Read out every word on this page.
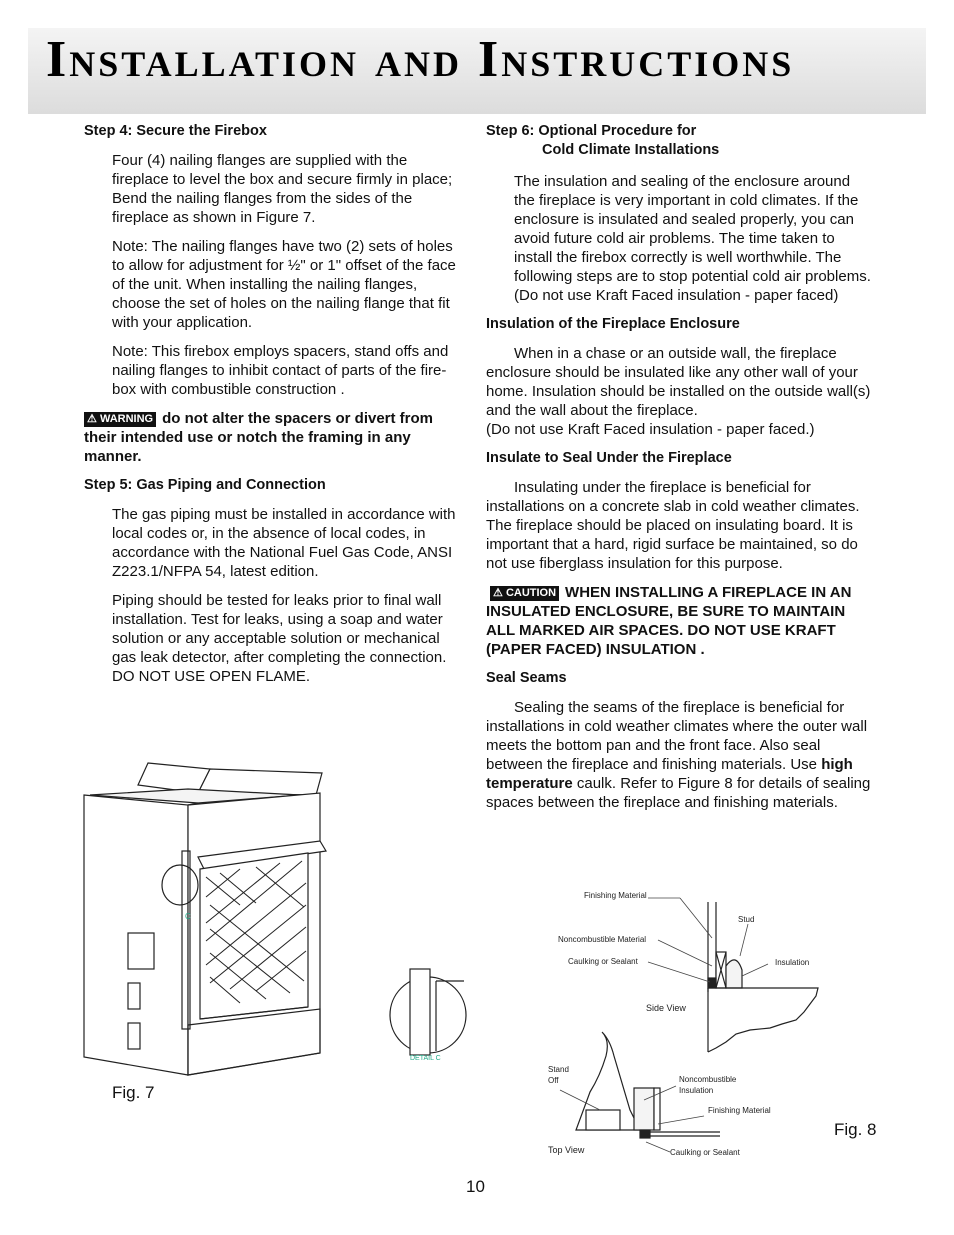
Installation and Instructions
Step 4: Secure the Firebox
Four (4) nailing flanges are supplied with the fireplace to level the box and secure firmly in place; Bend the nailing flanges from the sides of the fireplace as shown in Figure 7.
Note: The nailing flanges have two (2) sets of holes to allow for adjustment for ½" or 1" offset of the face of the unit. When installing the nailing flanges, choose the set of holes on the nailing flange that fit with your application.
Note: This firebox employs spacers, stand offs and nailing flanges to inhibit contact of parts of the fire-box with combustible construction .
⚠ WARNING do not alter the spacers or divert from their intended use or notch the framing in any manner.
Step 5: Gas Piping and Connection
The gas piping must be installed in accordance with local codes or, in the absence of local codes, in accordance with the National Fuel Gas Code, ANSI Z223.1/NFPA 54, latest edition.
Piping should be tested for leaks prior to final wall installation. Test for leaks, using a soap and water solution or any acceptable solution or mechanical gas leak detector, after completing the connection. DO NOT USE OPEN FLAME.
Step 6: Optional Procedure for

Cold Climate Installations
The insulation and sealing of the enclosure around the fireplace is very important in cold climates. If the enclosure is insulated and sealed properly, you can avoid future cold air problems. The time taken to install the firebox correctly is well worthwhile. The following steps are to stop potential cold air problems. (Do not use Kraft Faced insulation - paper faced)
Insulation of the Fireplace Enclosure
When in a chase or an outside wall, the fireplace enclosure should be insulated like any other wall of your home. Insulation should be installed on the outside wall(s) and the wall about the fireplace.
(Do not use Kraft Faced insulation - paper faced.)
Insulate to Seal Under the Fireplace
Insulating under the fireplace is beneficial for installations on a concrete slab in cold weather climates. The fireplace should be placed on insulating board. It is important that a hard, rigid surface be maintained, so do not use fiberglass insulation for this purpose.
⚠ CAUTION WHEN INSTALLING A FIREPLACE IN AN INSULATED ENCLOSURE, BE SURE TO MAINTAIN ALL MARKED AIR SPACES. DO NOT USE KRAFT (PAPER FACED) INSULATION .
Seal Seams
Sealing the seams of the fireplace is beneficial for installations in cold weather climates where the outer wall meets the bottom pan and the front face. Also seal between the fireplace and finishing materials. Use high temperature caulk. Refer to Figure 8 for details of sealing spaces between the fireplace and finishing materials.
C
DETAIL C
Fig. 7
Finishing Material
Stud
Noncombustible Material
Caulking or Sealant	Insulation
Side View
Stand
Off	Noncombustible
Insulation
Finishing Material
Top View	Caulking or Sealant
Fig. 8
10
